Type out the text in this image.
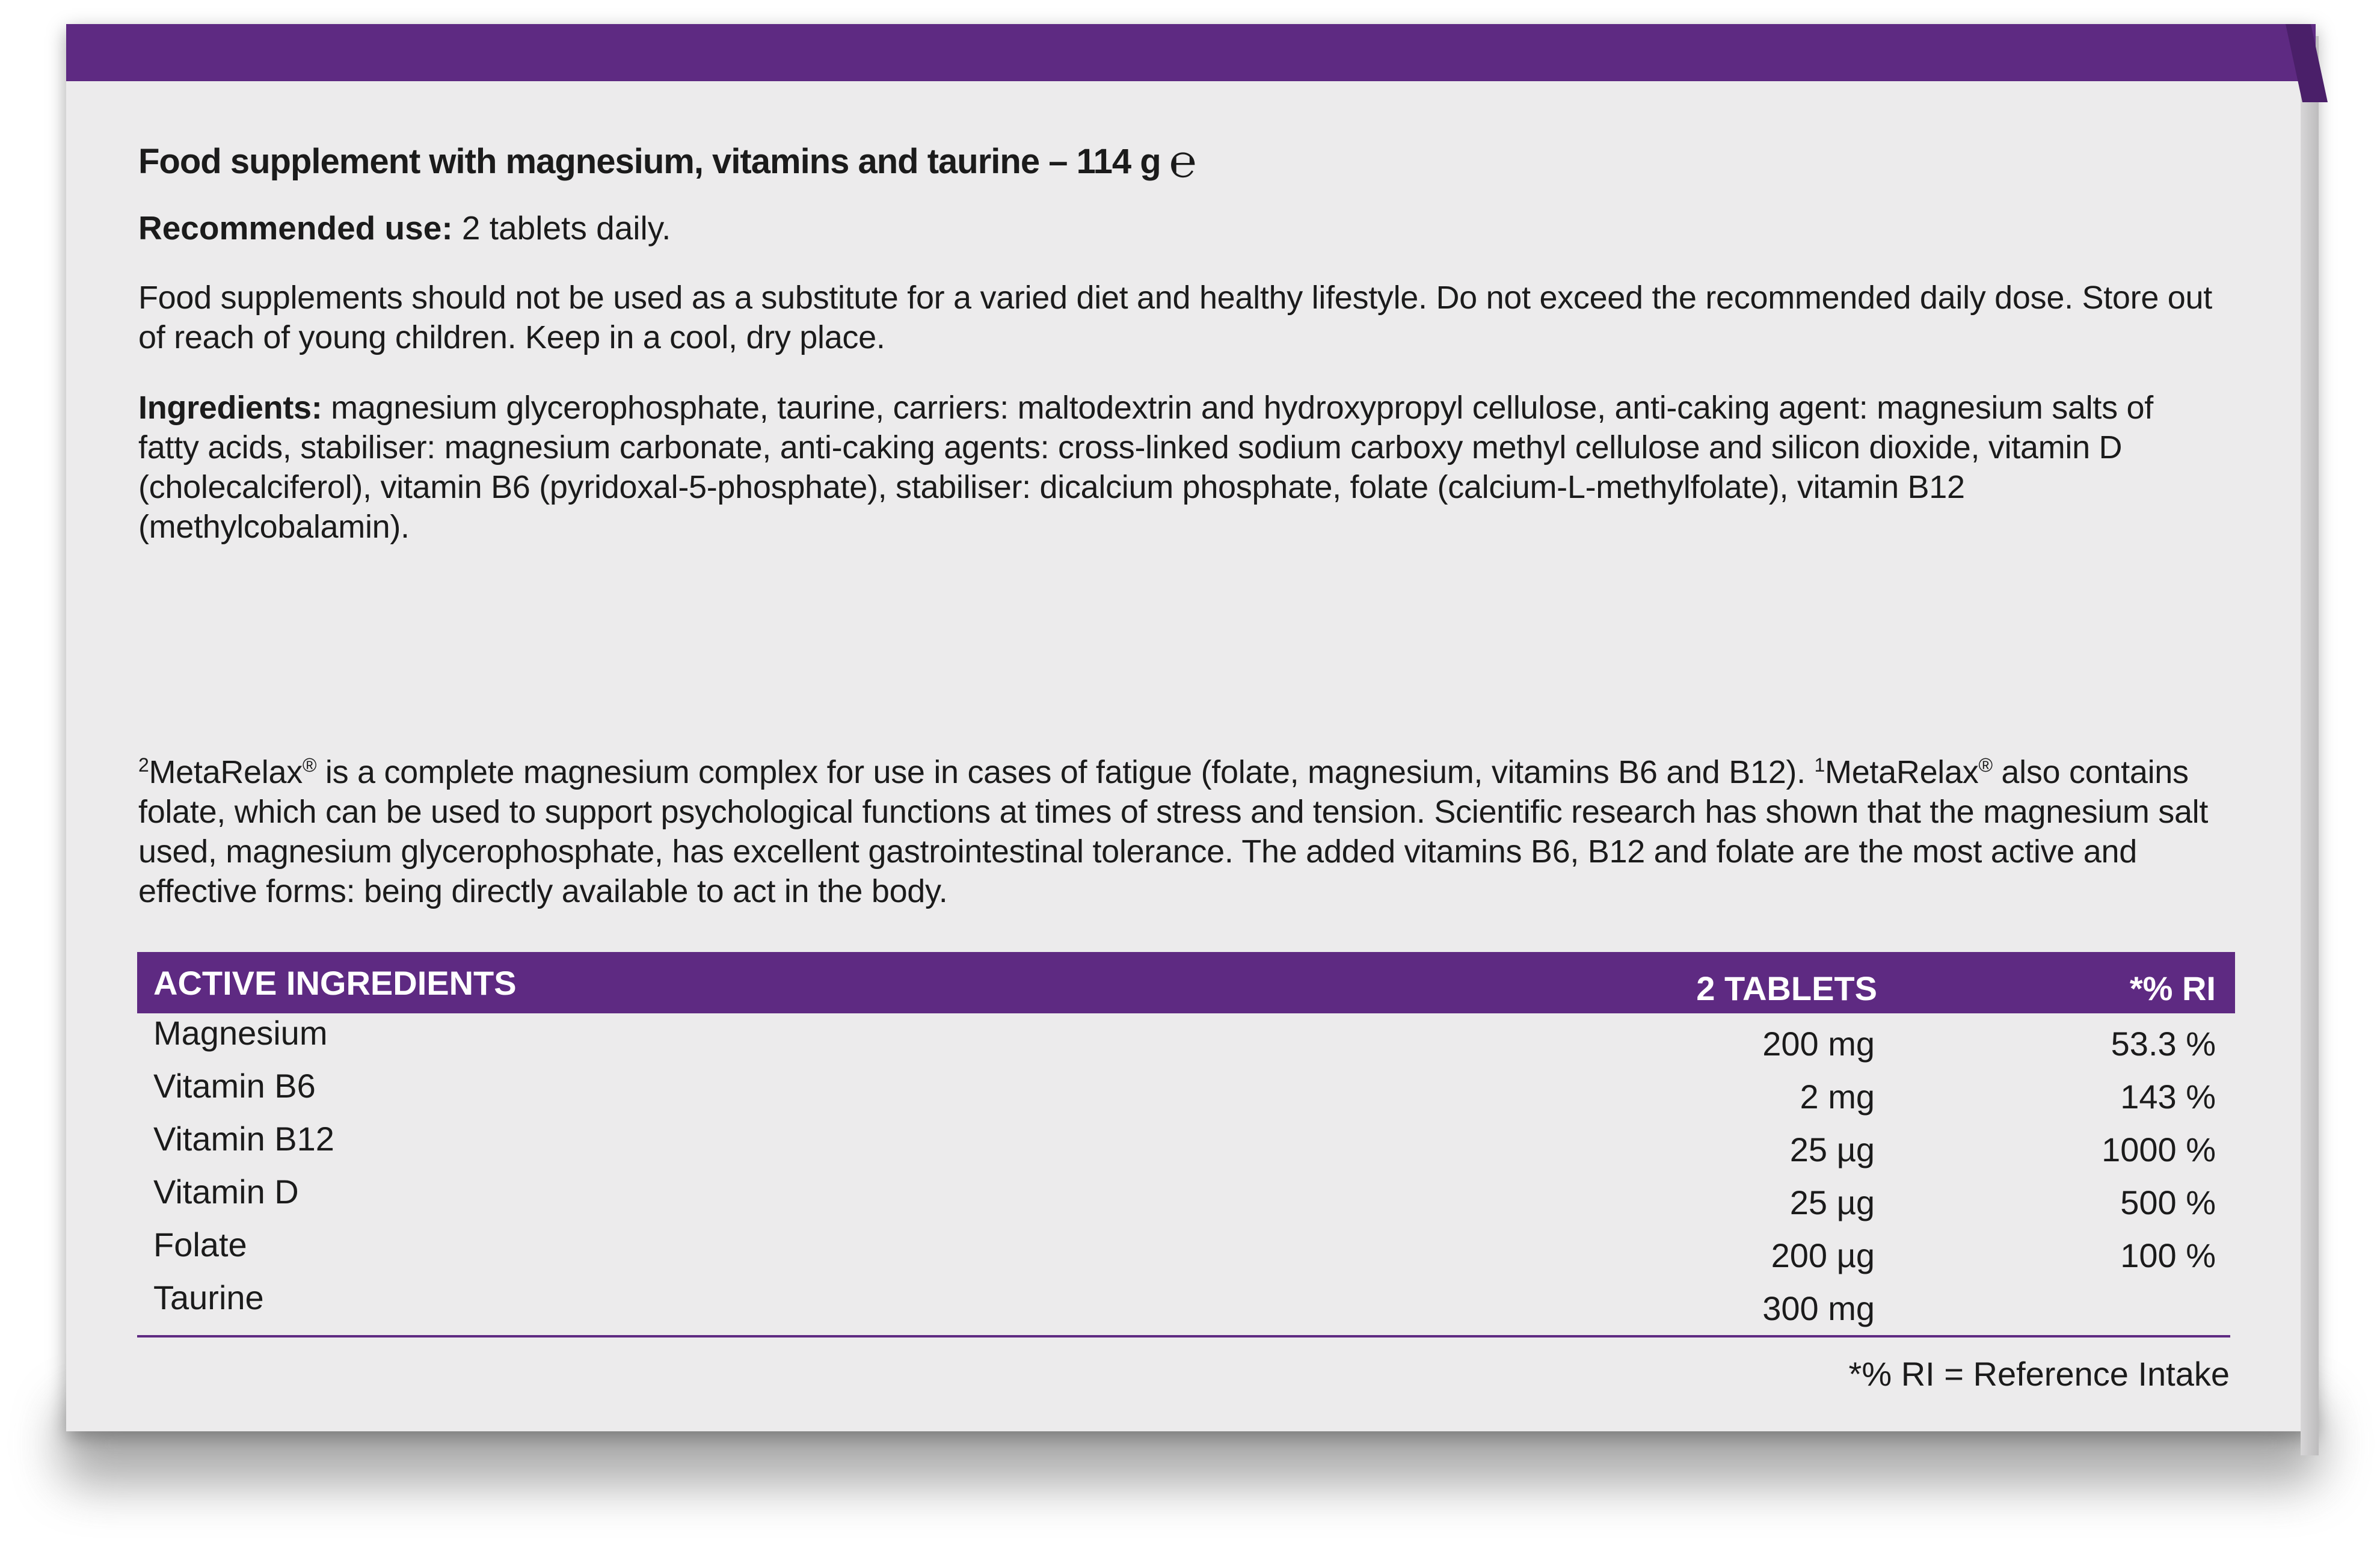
Food supplement with magnesium, vitamins and taurine – 114 g ℮
Recommended use: 2 tablets daily.
Food supplements should not be used as a substitute for a varied diet and healthy lifestyle. Do not exceed the recommended daily dose. Store out of reach of young children. Keep in a cool, dry place.
Ingredients: magnesium glycerophosphate, taurine, carriers: maltodextrin and hydroxypropyl cellulose, anti-caking agent: magnesium salts of fatty acids, stabiliser: magnesium carbonate, anti-caking agents: cross-linked sodium carboxy methyl cellulose and silicon dioxide, vitamin D (cholecalciferol), vitamin B6 (pyridoxal-5-phosphate), stabiliser: dicalcium phosphate, folate (calcium-L-methylfolate), vitamin B12 (methylcobalamin).
$^2$MetaRelax® is a complete magnesium complex for use in cases of fatigue (folate, magnesium, vitamins B6 and B12). $^1$MetaRelax® also contains folate, which can be used to support psychological functions at times of stress and tension. Scientific research has shown that the magnesium salt used, magnesium glycerophosphate, has excellent gastrointestinal tolerance. The added vitamins B6, B12 and folate are the most active and effective forms: being directly available to act in the body.
ACTIVE INGREDIENTS	2 TABLETS	*% RI
Magnesium	200 mg	53.3 %
Vitamin B6	2 mg	143 %
Vitamin B12	25 µg	1000 %
Vitamin D	25 µg	500 %
Folate	200 µg	100 %
Taurine	300 mg
*% RI = Reference Intake
